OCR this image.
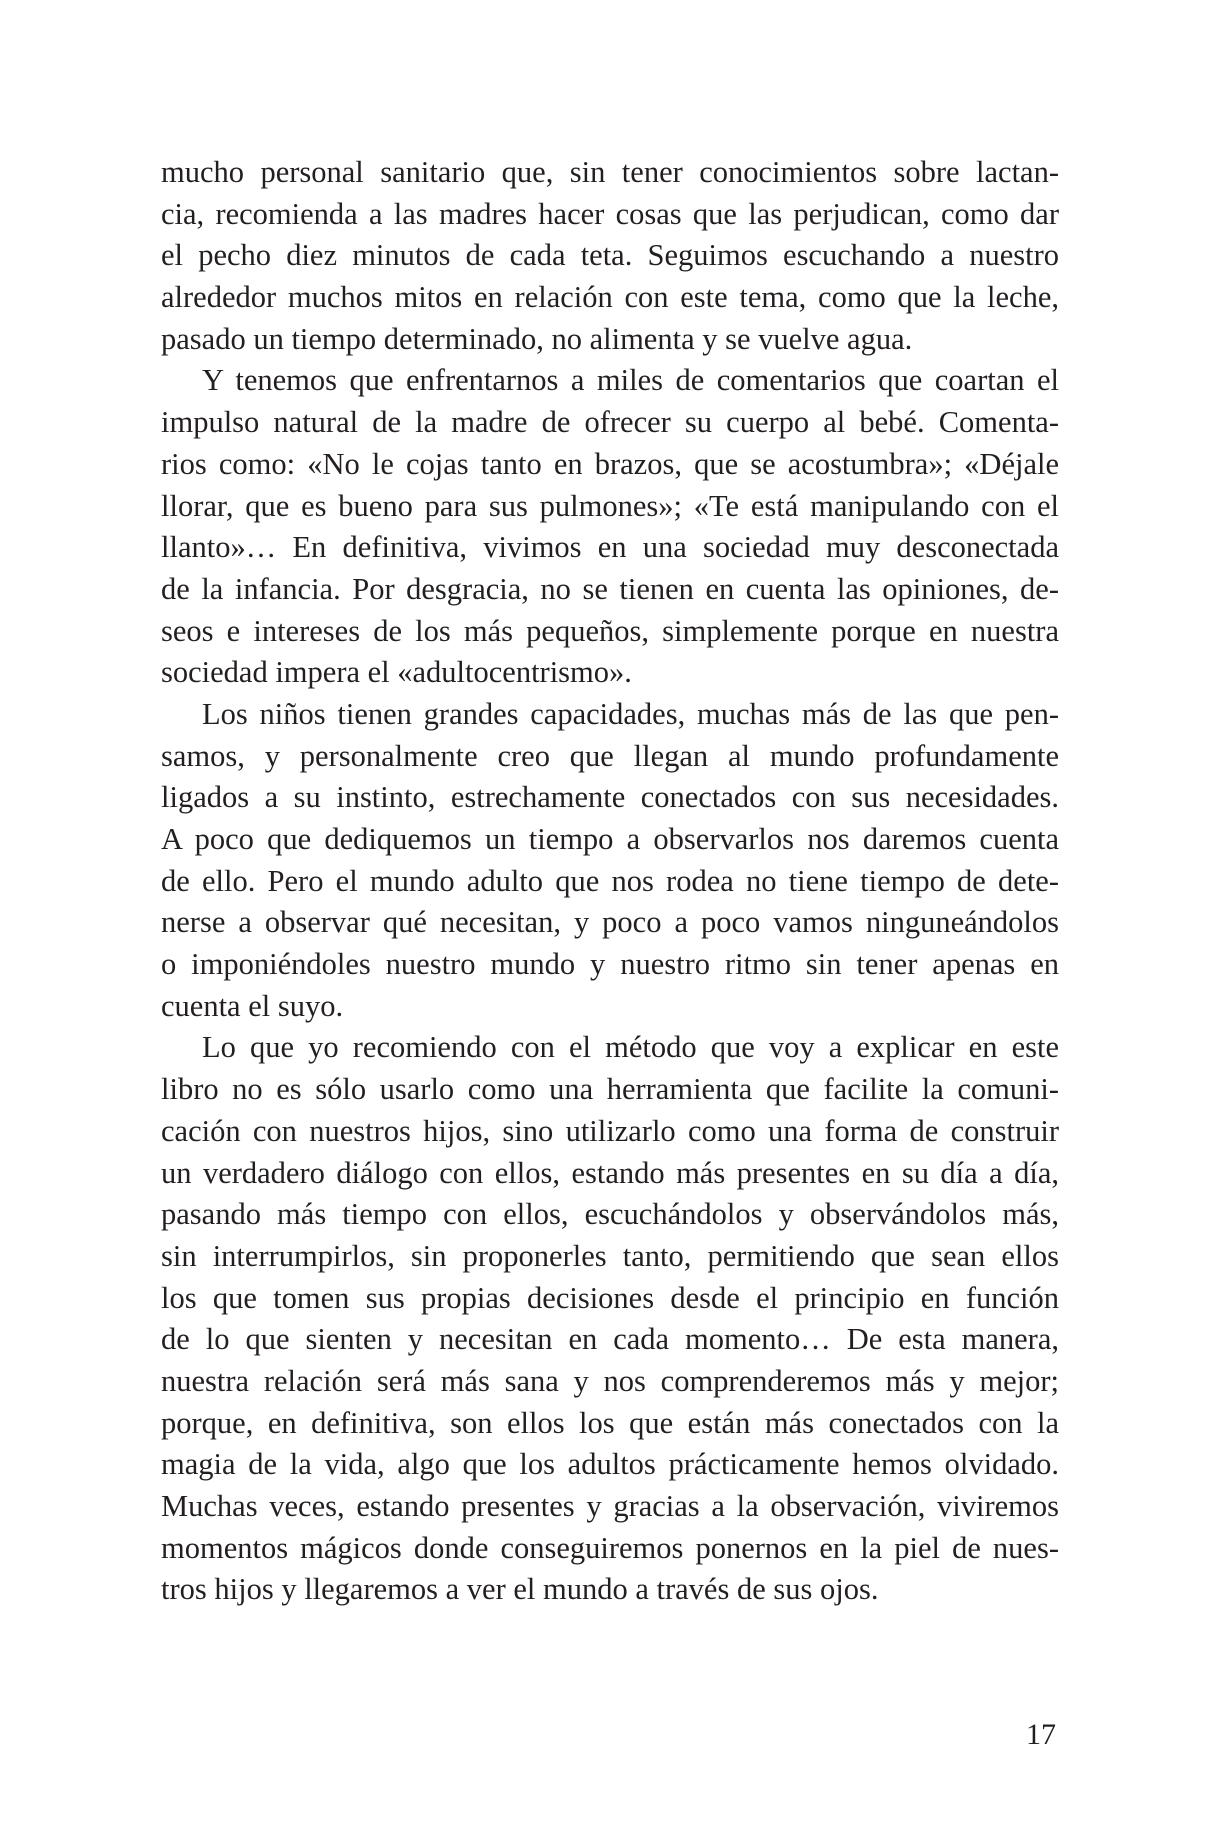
mucho personal sanitario que, sin tener conocimientos sobre lactan-
cia, recomienda a las madres hacer cosas que las perjudican, como dar
el pecho diez minutos de cada teta. Seguimos escuchando a nuestro
alrededor muchos mitos en relación con este tema, como que la leche,
pasado un tiempo determinado, no alimenta y se vuelve agua.
Y tenemos que enfrentarnos a miles de comentarios que coartan el
impulso natural de la madre de ofrecer su cuerpo al bebé. Comenta-
rios como: «No le cojas tanto en brazos, que se acostumbra»; «Déjale
llorar, que es bueno para sus pulmones»; «Te está manipulando con el
llanto»… En definitiva, vivimos en una sociedad muy desconectada
de la infancia. Por desgracia, no se tienen en cuenta las opiniones, de-
seos e intereses de los más pequeños, simplemente porque en nuestra
sociedad impera el «adultocentrismo».
Los niños tienen grandes capacidades, muchas más de las que pen-
samos, y personalmente creo que llegan al mundo profundamente
ligados a su instinto, estrechamente conectados con sus necesidades.
A poco que dediquemos un tiempo a observarlos nos daremos cuenta
de ello. Pero el mundo adulto que nos rodea no tiene tiempo de dete-
nerse a observar qué necesitan, y poco a poco vamos ninguneándolos
o imponiéndoles nuestro mundo y nuestro ritmo sin tener apenas en
cuenta el suyo.
Lo que yo recomiendo con el método que voy a explicar en este
libro no es sólo usarlo como una herramienta que facilite la comuni-
cación con nuestros hijos, sino utilizarlo como una forma de construir
un verdadero diálogo con ellos, estando más presentes en su día a día,
pasando más tiempo con ellos, escuchándolos y observándolos más,
sin interrumpirlos, sin proponerles tanto, permitiendo que sean ellos
los que tomen sus propias decisiones desde el principio en función
de lo que sienten y necesitan en cada momento… De esta manera,
nuestra relación será más sana y nos comprenderemos más y mejor;
porque, en definitiva, son ellos los que están más conectados con la
magia de la vida, algo que los adultos prácticamente hemos olvidado.
Muchas veces, estando presentes y gracias a la observación, viviremos
momentos mágicos donde conseguiremos ponernos en la piel de nues-
tros hijos y llegaremos a ver el mundo a través de sus ojos.
17
